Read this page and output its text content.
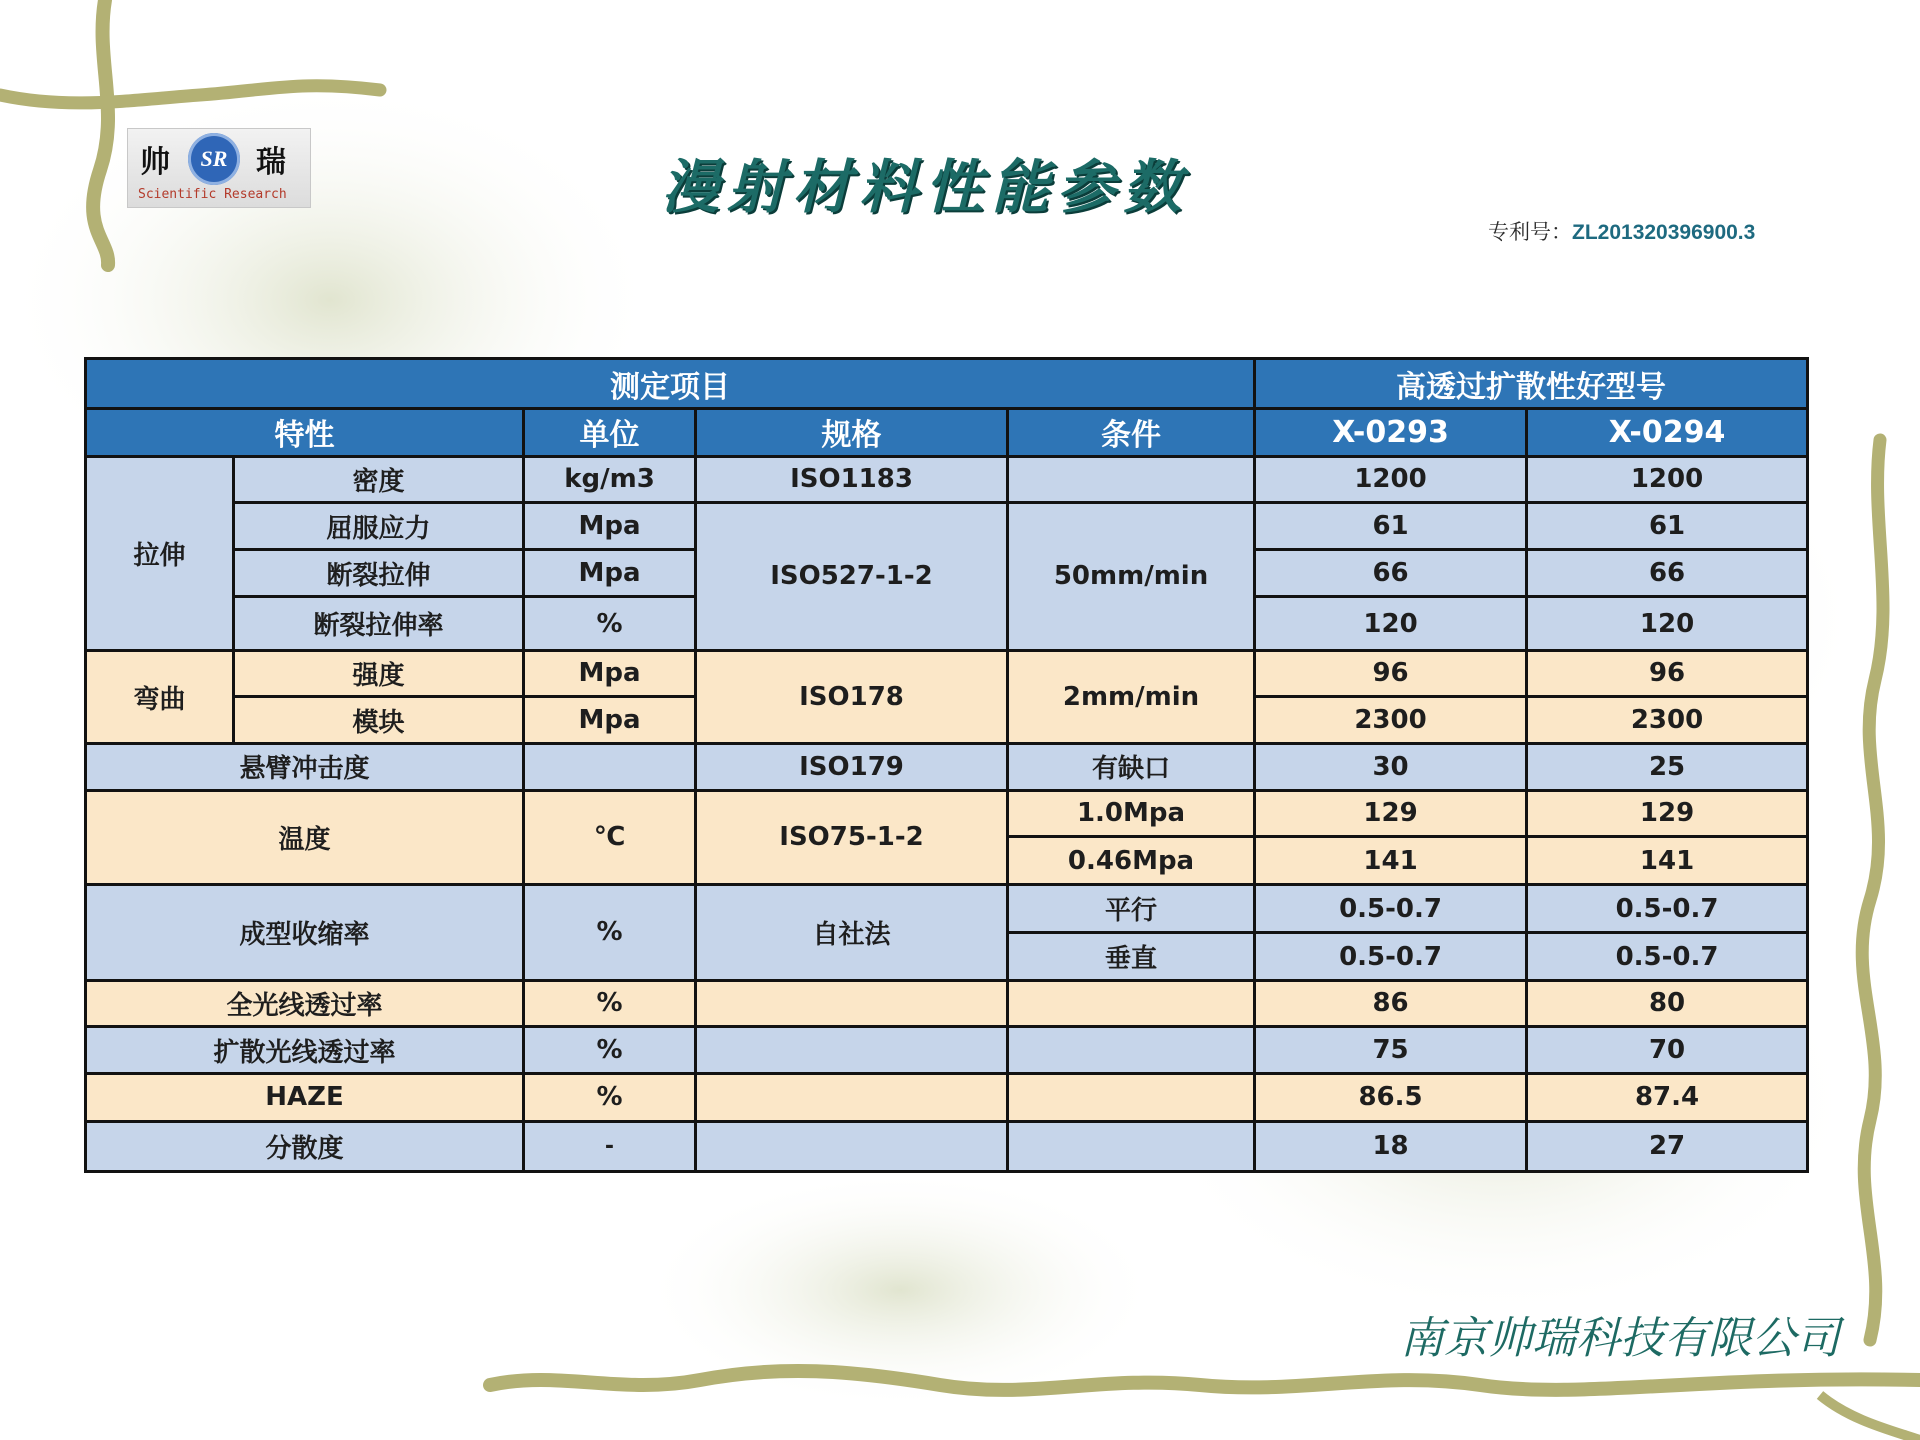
帅	SR 瑞
Scientific Research	漫射材料性能参数
专利号：ZL201320396900.3
测定项目					高透过扩散性好型号	
特性		单位	规格	条件	X-0293	X-0294
拉伸	密度	kg/m3	ISO1183		1200	1200
	屈服应力	Mpa	ISO527-1-2	50mm/min	61	61
	断裂拉伸	Mpa			66	66
	断裂拉伸率	%			120	120
弯曲	强度	Mpa	ISO178	2mm/min	96	96
	模块	Mpa			2300	2300
悬臂冲击度			ISO179	有缺口	30	25
温度		℃	ISO75-1-2	1.0Mpa	129	129
				0.46Mpa	141	141
成型收缩率		%	自社法	平行	0.5-0.7	0.5-0.7
				垂直	0.5-0.7	0.5-0.7
全光线透过率		%			86	80
扩散光线透过率		%			75	70
HAZE		%			86.5	87.4
分散度		-			18	27
南京帅瑞科技有限公司
